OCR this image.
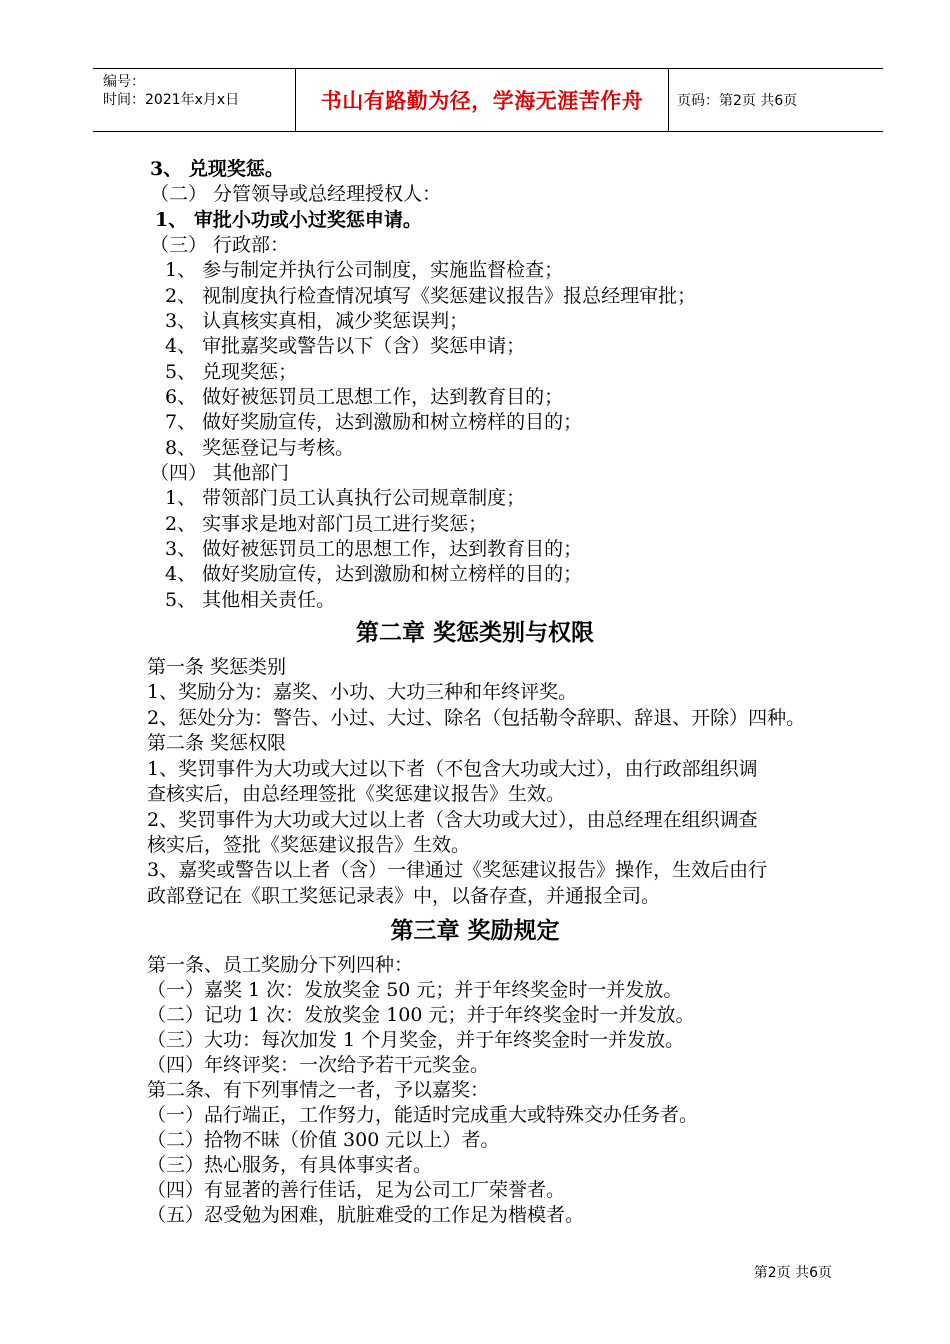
编号：
时间：2021年x月x日	书山有路勤为径，学海无涯苦作舟	页码：第2页 共6页
3、 兑现奖惩。
（二） 分管领导或总经理授权人：
1、 审批小功或小过奖惩申请。
（三） 行政部：
1、 参与制定并执行公司制度，实施监督检查；
2、 视制度执行检查情况填写《奖惩建议报告》报总经理审批；
3、 认真核实真相，减少奖惩误判；
4、 审批嘉奖或警告以下（含）奖惩申请；
5、 兑现奖惩；
6、 做好被惩罚员工思想工作，达到教育目的；
7、 做好奖励宣传，达到激励和树立榜样的目的；
8、 奖惩登记与考核。
（四） 其他部门
1、 带领部门员工认真执行公司规章制度；
2、 实事求是地对部门员工进行奖惩；
3、 做好被惩罚员工的思想工作，达到教育目的；
4、 做好奖励宣传，达到激励和树立榜样的目的；
5、 其他相关责任。
第二章 奖惩类别与权限
第一条 奖惩类别
1、奖励分为：嘉奖、小功、大功三种和年终评奖。
2、惩处分为：警告、小过、大过、除名（包括勒令辞职、辞退、开除）四种。
第二条 奖惩权限
1、奖罚事件为大功或大过以下者（不包含大功或大过），由行政部组织调
查核实后，由总经理签批《奖惩建议报告》生效。
2、奖罚事件为大功或大过以上者（含大功或大过），由总经理在组织调查
核实后，签批《奖惩建议报告》生效。
3、嘉奖或警告以上者（含）一律通过《奖惩建议报告》操作，生效后由行
政部登记在《职工奖惩记录表》中，以备存查，并通报全司。
第三章 奖励规定
第一条、员工奖励分下列四种：
（一）嘉奖 1 次：发放奖金 50 元；并于年终奖金时一并发放。
（二）记功 1 次：发放奖金 100 元；并于年终奖金时一并发放。
（三）大功：每次加发 1 个月奖金，并于年终奖金时一并发放。
（四）年终评奖：一次给予若干元奖金。
第二条、有下列事情之一者，予以嘉奖：
（一）品行端正，工作努力，能适时完成重大或特殊交办任务者。
（二）拾物不昧（价值 300 元以上）者。
（三）热心服务，有具体事实者。
（四）有显著的善行佳话，足为公司工厂荣誉者。
（五）忍受勉为困难，肮脏难受的工作足为楷模者。
第2页 共6页
